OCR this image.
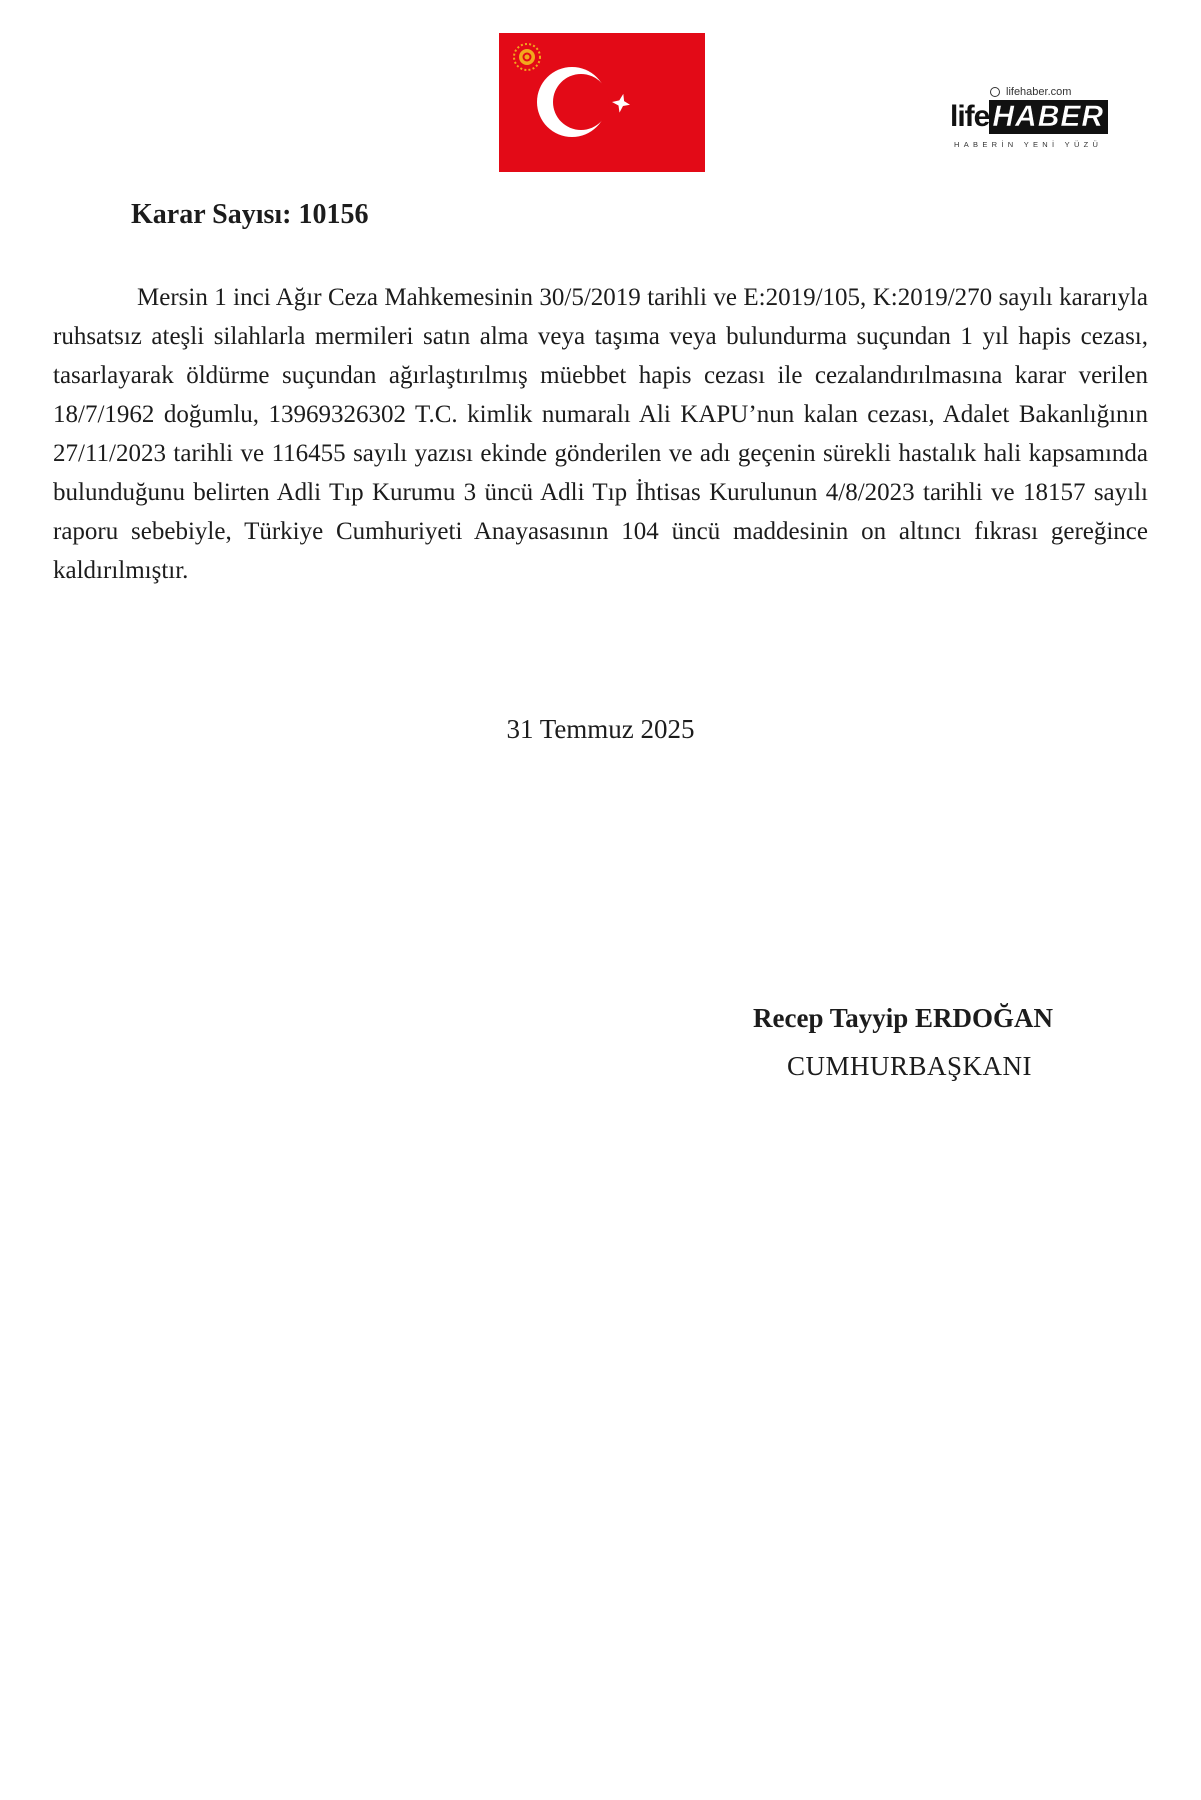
lifehaber.com
life HABER
HABERİN YENİ YÜZÜ
Karar Sayısı: 10156

Mersin 1 inci Ağır Ceza Mahkemesinin 30/5/2019 tarihli ve E:2019/105, K:2019/270 sayılı kararıyla ruhsatsız ateşli silahlarla mermileri satın alma veya taşıma veya bulundurma suçundan 1 yıl hapis cezası, tasarlayarak öldürme suçundan ağırlaştırılmış müebbet hapis cezası ile cezalandırılmasına karar verilen 18/7/1962 doğumlu, 13969326302 T.C. kimlik numaralı Ali KAPU’nun kalan cezası, Adalet Bakanlığının 27/11/2023 tarihli ve 116455 sayılı yazısı ekinde gönderilen ve adı geçenin sürekli hastalık hali kapsamında bulunduğunu belirten Adli Tıp Kurumu 3 üncü Adli Tıp İhtisas Kurulunun 4/8/2023 tarihli ve 18157 sayılı raporu sebebiyle, Türkiye Cumhuriyeti Anayasasının 104 üncü maddesinin on altıncı fıkrası gereğince kaldırılmıştır.

31 Temmuz 2025
Recep Tayyip ERDOĞAN
CUMHURBAŞKANI
